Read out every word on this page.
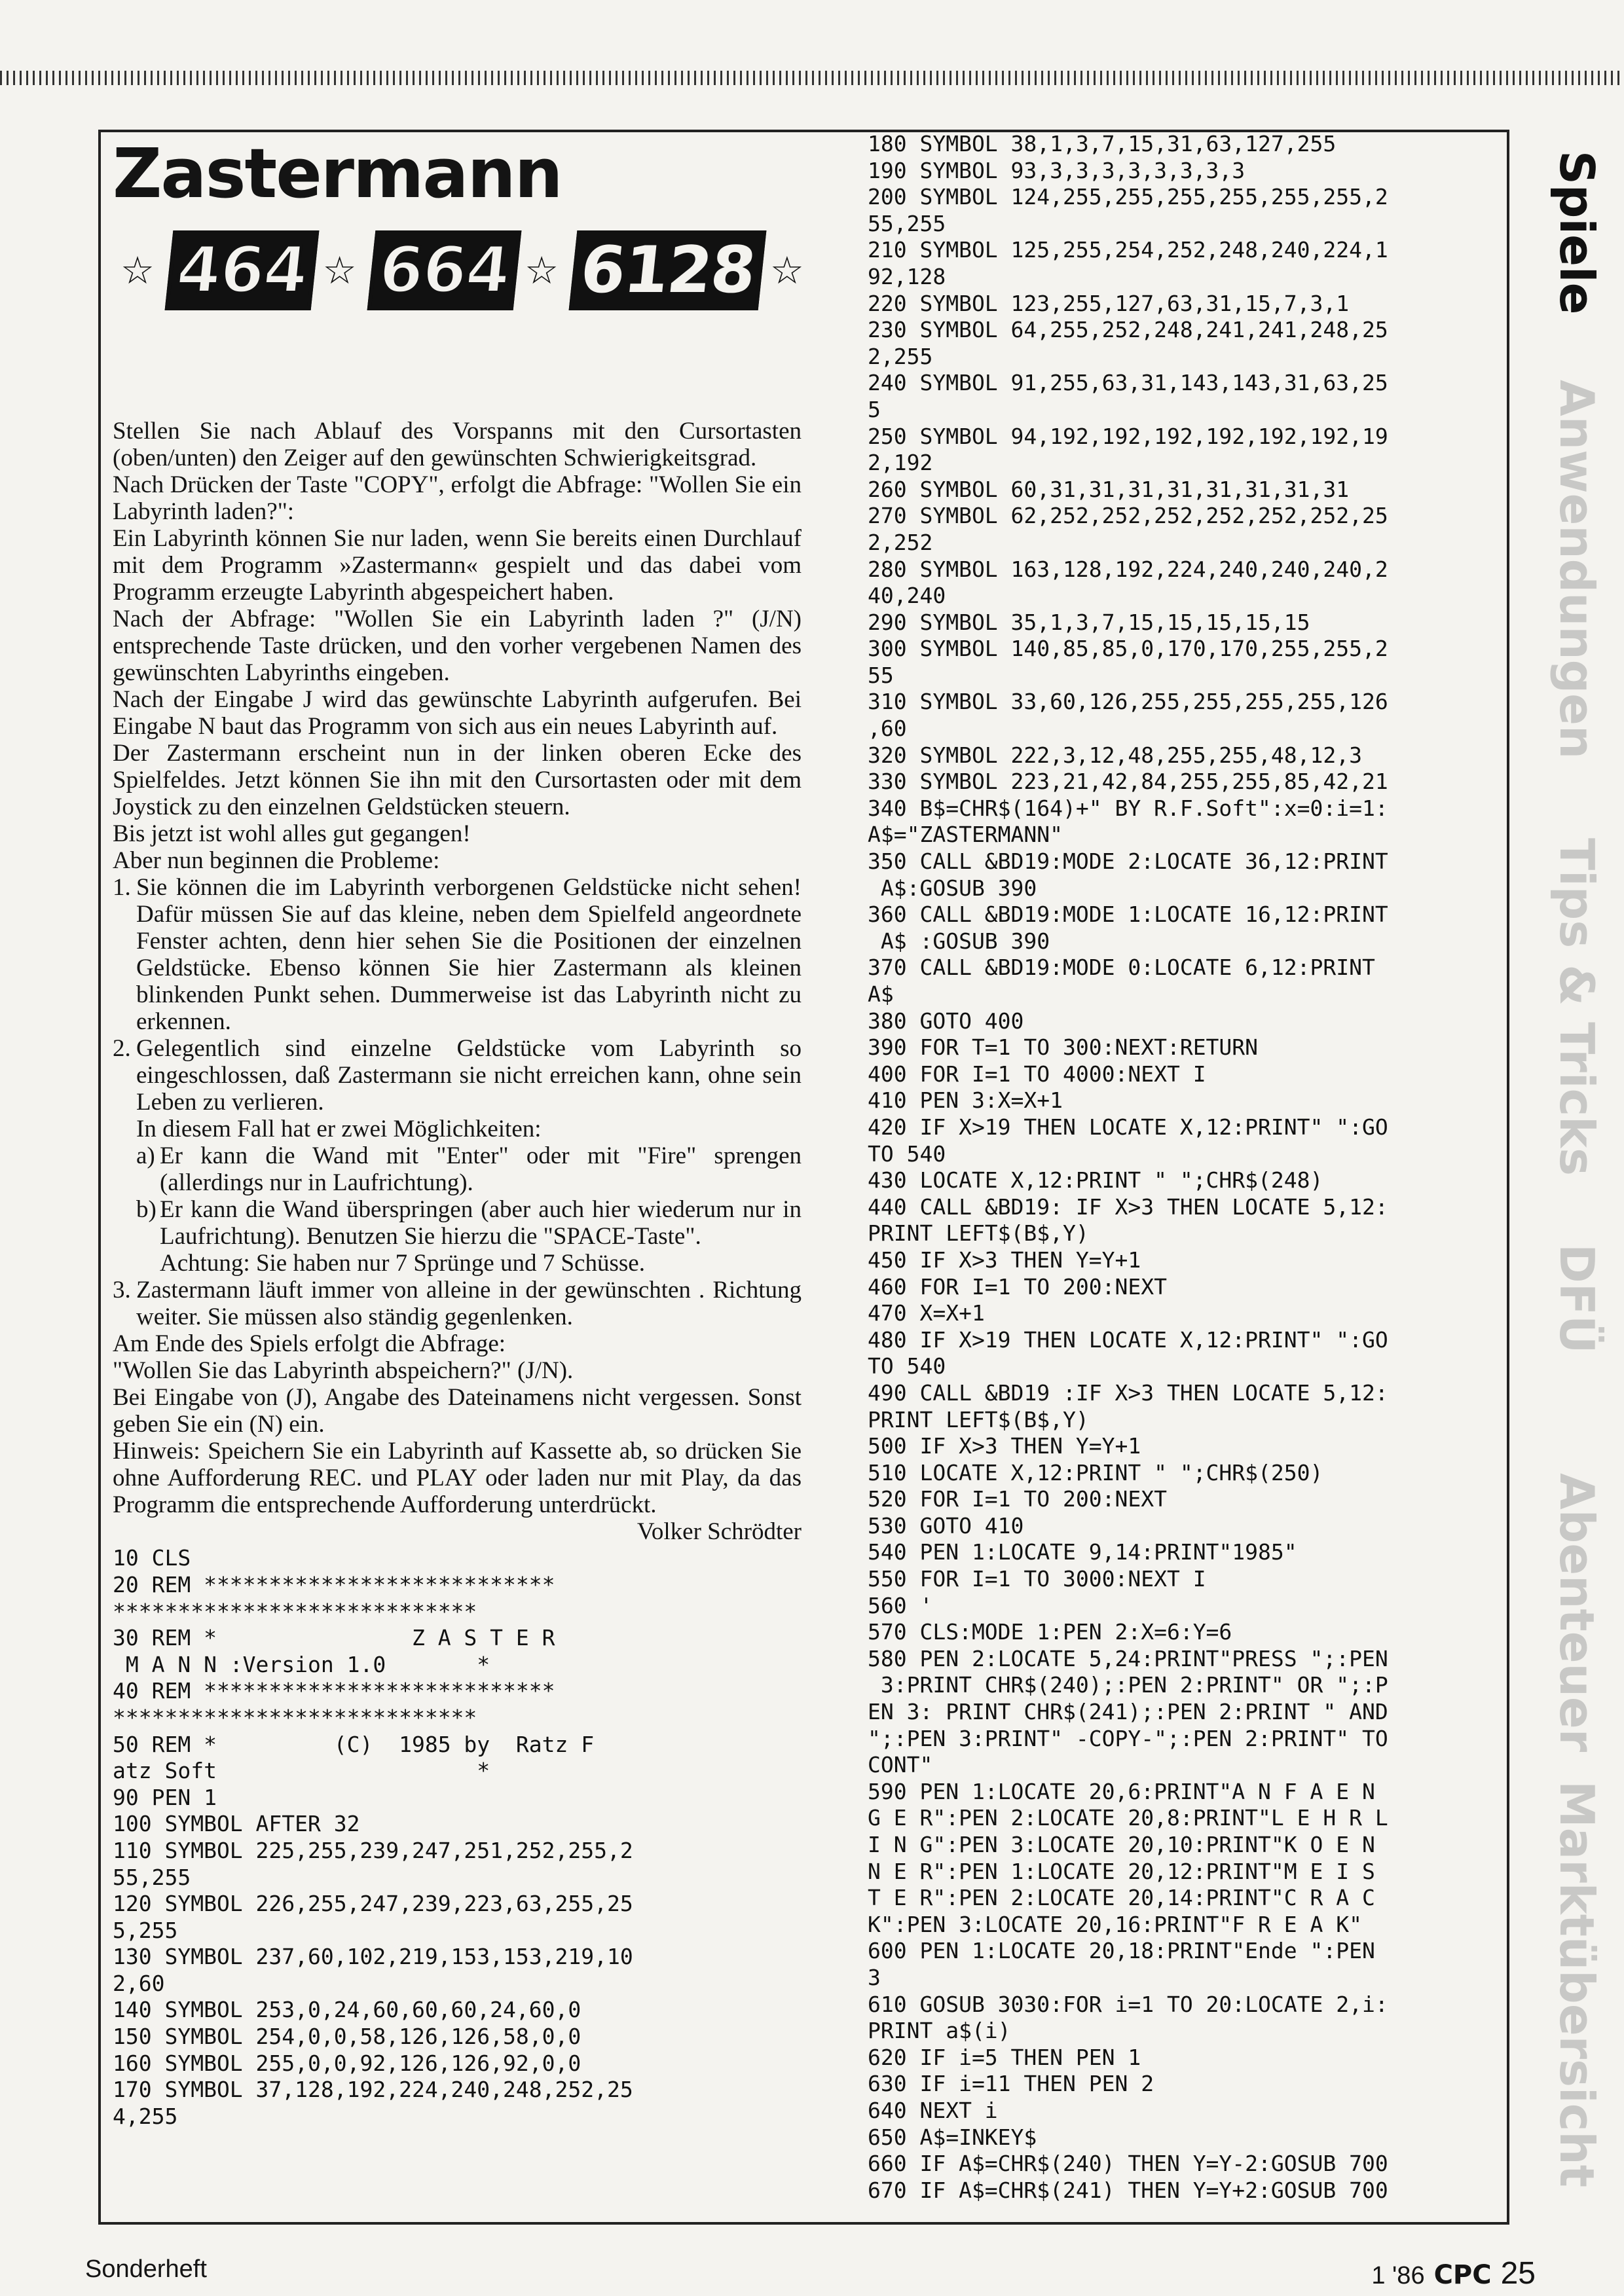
Zastermann
☆ 464 ☆ 664 ☆ 6128 ☆

Stellen Sie nach Ablauf des Vorspanns mit den Cursortasten (oben/unten) den Zeiger auf den gewünschten Schwierigkeitsgrad.

Nach Drücken der Taste "COPY", erfolgt die Abfrage: "Wollen Sie ein Labyrinth laden?":

Ein Labyrinth können Sie nur laden, wenn Sie bereits einen Durchlauf mit dem Programm »Zastermann« gespielt und das dabei vom Programm erzeugte Labyrinth abgespeichert haben.

Nach der Abfrage: "Wollen Sie ein Labyrinth laden ?" (J/N) entsprechende Taste drücken, und den vorher vergebenen Namen des gewünschten Labyrinths eingeben.

Nach der Eingabe J wird das gewünschte Labyrinth aufgerufen. Bei Eingabe N baut das Programm von sich aus ein neues Labyrinth auf.

Der Zastermann erscheint nun in der linken oberen Ecke des Spielfeldes. Jetzt können Sie ihn mit den Cursortasten oder mit dem Joystick zu den einzelnen Geldstücken steuern.

Bis jetzt ist wohl alles gut gegangen!

Aber nun beginnen die Probleme:

1. Sie können die im Labyrinth verborgenen Geldstücke nicht sehen! Dafür müssen Sie auf das kleine, neben dem Spielfeld angeordnete Fenster achten, denn hier sehen Sie die Positionen der einzelnen Geldstücke. Ebenso können Sie hier Zastermann als kleinen blinkenden Punkt sehen. Dummerweise ist das Labyrinth nicht zu erkennen.
2. Gelegentlich sind einzelne Geldstücke vom Labyrinth so eingeschlossen, daß Zastermann sie nicht erreichen kann, ohne sein Leben zu verlieren.
In diesem Fall hat er zwei Möglichkeiten:
a) Er kann die Wand mit "Enter" oder mit "Fire" sprengen (allerdings nur in Laufrichtung).
b) Er kann die Wand überspringen (aber auch hier wiederum nur in Laufrichtung). Benutzen Sie hierzu die "SPACE-Taste".
Achtung: Sie haben nur 7 Sprünge und 7 Schüsse.
3. Zastermann läuft immer von alleine in der gewünschten . Richtung weiter. Sie müssen also ständig gegenlenken.

Am Ende des Spiels erfolgt die Abfrage:

"Wollen Sie das Labyrinth abspeichern?" (J/N).

Bei Eingabe von (J), Angabe des Dateinamens nicht vergessen. Sonst geben Sie ein (N) ein.

Hinweis: Speichern Sie ein Labyrinth auf Kassette ab, so drücken Sie ohne Aufforderung REC. und PLAY oder laden nur mit Play, da das Programm die entsprechende Aufforderung unterdrückt.

Volker Schrödter

10 CLS
20 REM ***************************
****************************
30 REM *               Z A S T E R
M A N N :Version 1.0       *
40 REM ***************************
****************************
50 REM *         (C)  1985 by  Ratz F
atz Soft                    *
90 PEN 1
100 SYMBOL AFTER 32
110 SYMBOL 225,255,239,247,251,252,255,2
55,255
120 SYMBOL 226,255,247,239,223,63,255,25
5,255
130 SYMBOL 237,60,102,219,153,153,219,10
2,60
140 SYMBOL 253,0,24,60,60,60,24,60,0
150 SYMBOL 254,0,0,58,126,126,58,0,0
160 SYMBOL 255,0,0,92,126,126,92,0,0
170 SYMBOL 37,128,192,224,240,248,252,25
4,255
180 SYMBOL 38,1,3,7,15,31,63,127,255
190 SYMBOL 93,3,3,3,3,3,3,3,3
200 SYMBOL 124,255,255,255,255,255,255,2
55,255
210 SYMBOL 125,255,254,252,248,240,224,1
92,128
220 SYMBOL 123,255,127,63,31,15,7,3,1
230 SYMBOL 64,255,252,248,241,241,248,25
2,255
240 SYMBOL 91,255,63,31,143,143,31,63,25
5
250 SYMBOL 94,192,192,192,192,192,192,19
2,192
260 SYMBOL 60,31,31,31,31,31,31,31,31
270 SYMBOL 62,252,252,252,252,252,252,25
2,252
280 SYMBOL 163,128,192,224,240,240,240,2
40,240
290 SYMBOL 35,1,3,7,15,15,15,15,15
300 SYMBOL 140,85,85,0,170,170,255,255,2
55
310 SYMBOL 33,60,126,255,255,255,255,126
,60
320 SYMBOL 222,3,12,48,255,255,48,12,3
330 SYMBOL 223,21,42,84,255,255,85,42,21
340 B$=CHR$(164)+" BY R.F.Soft":x=0:i=1:
A$="ZASTERMANN"
350 CALL &BD19:MODE 2:LOCATE 36,12:PRINT
A$:GOSUB 390
360 CALL &BD19:MODE 1:LOCATE 16,12:PRINT
A$ :GOSUB 390
370 CALL &BD19:MODE 0:LOCATE 6,12:PRINT
A$
380 GOTO 400
390 FOR T=1 TO 300:NEXT:RETURN
400 FOR I=1 TO 4000:NEXT I
410 PEN 3:X=X+1
420 IF X>19 THEN LOCATE X,12:PRINT" ":GO
TO 540
430 LOCATE X,12:PRINT " ";CHR$(248)
440 CALL &BD19: IF X>3 THEN LOCATE 5,12:
PRINT LEFT$(B$,Y)
450 IF X>3 THEN Y=Y+1
460 FOR I=1 TO 200:NEXT
470 X=X+1
480 IF X>19 THEN LOCATE X,12:PRINT" ":GO
TO 540
490 CALL &BD19 :IF X>3 THEN LOCATE 5,12:
PRINT LEFT$(B$,Y)
500 IF X>3 THEN Y=Y+1
510 LOCATE X,12:PRINT " ";CHR$(250)
520 FOR I=1 TO 200:NEXT
530 GOTO 410
540 PEN 1:LOCATE 9,14:PRINT"1985"
550 FOR I=1 TO 3000:NEXT I
560 '
570 CLS:MODE 1:PEN 2:X=6:Y=6
580 PEN 2:LOCATE 5,24:PRINT"PRESS ";:PEN
3:PRINT CHR$(240);:PEN 2:PRINT" OR ";:P
EN 3: PRINT CHR$(241);:PEN 2:PRINT " AND
";:PEN 3:PRINT" -COPY-";:PEN 2:PRINT" TO
CONT"
590 PEN 1:LOCATE 20,6:PRINT"A N F A E N
G E R":PEN 2:LOCATE 20,8:PRINT"L E H R L
I N G":PEN 3:LOCATE 20,10:PRINT"K O E N
N E R":PEN 1:LOCATE 20,12:PRINT"M E I S
T E R":PEN 2:LOCATE 20,14:PRINT"C R A C
K":PEN 3:LOCATE 20,16:PRINT"F R E A K"
600 PEN 1:LOCATE 20,18:PRINT"Ende ":PEN
3
610 GOSUB 3030:FOR i=1 TO 20:LOCATE 2,i:
PRINT a$(i)
620 IF i=5 THEN PEN 1
630 IF i=11 THEN PEN 2
640 NEXT i
650 A$=INKEY$
660 IF A$=CHR$(240) THEN Y=Y-2:GOSUB 700
670 IF A$=CHR$(241) THEN Y=Y+2:GOSUB 700
Spiele
Anwendungen
Tips & Tricks
DFÜ
Abenteuer
Marktübersicht
Sonderheft	1 '86 CPC 25
